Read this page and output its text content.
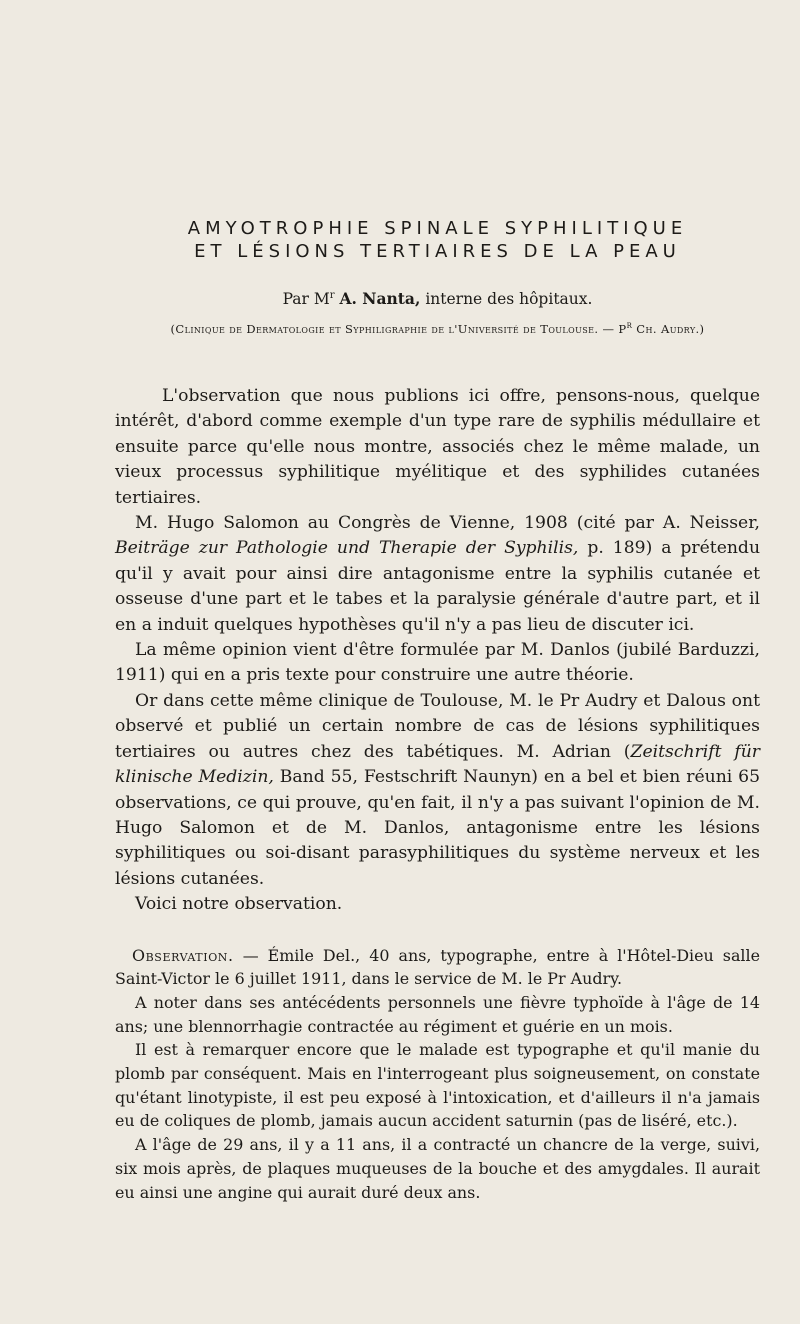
AMYOTROPHIE SPINALE SYPHILITIQUE
ET LÉSIONS TERTIAIRES DE LA PEAU
Par $M^r$ A. Nanta, interne des hôpitaux.
(Clinique de Dermatologie et Syphiligraphie de l'Université de Toulouse. — $P^r$ Ch. Audry.)

L'observation que nous publions ici offre, pensons-nous, quelque intérêt, d'abord comme exemple d'un type rare de syphilis médullaire et ensuite parce qu'elle nous montre, associés chez le même malade, un vieux processus syphilitique myélitique et des syphilides cutanées tertiaires.

M. Hugo Salomon au Congrès de Vienne, 1908 (cité par A. Neisser, Beiträge zur Pathologie und Therapie der Syphilis, p. 189) a prétendu qu'il y avait pour ainsi dire antagonisme entre la syphilis cutanée et osseuse d'une part et le tabes et la paralysie générale d'autre part, et il en a induit quelques hypothèses qu'il n'y a pas lieu de discuter ici.

La même opinion vient d'être formulée par M. Danlos (jubilé Barduzzi, 1911) qui en a pris texte pour construire une autre théorie.

Or dans cette même clinique de Toulouse, M. le Pr Audry et Dalous ont observé et publié un certain nombre de cas de lésions syphilitiques tertiaires ou autres chez des tabétiques. M. Adrian (Zeitschrift für klinische Medizin, Band 55, Festschrift Naunyn) en a bel et bien réuni 65 observations, ce qui prouve, qu'en fait, il n'y a pas suivant l'opinion de M. Hugo Salomon et de M. Danlos, antagonisme entre les lésions syphilitiques ou soi-disant parasyphilitiques du système nerveux et les lésions cutanées.

Voici notre observation.

Observation. — Émile Del., 40 ans, typographe, entre à l'Hôtel-Dieu salle Saint-Victor le 6 juillet 1911, dans le service de M. le Pr Audry.

A noter dans ses antécédents personnels une fièvre typhoïde à l'âge de 14 ans; une blennorrhagie contractée au régiment et guérie en un mois.

Il est à remarquer encore que le malade est typographe et qu'il manie du plomb par conséquent. Mais en l'interrogeant plus soigneusement, on constate qu'étant linotypiste, il est peu exposé à l'intoxication, et d'ailleurs il n'a jamais eu de coliques de plomb, jamais aucun accident saturnin (pas de liséré, etc.).

A l'âge de 29 ans, il y a 11 ans, il a contracté un chancre de la verge, suivi, six mois après, de plaques muqueuses de la bouche et des amygdales. Il aurait eu ainsi une angine qui aurait duré deux ans.
